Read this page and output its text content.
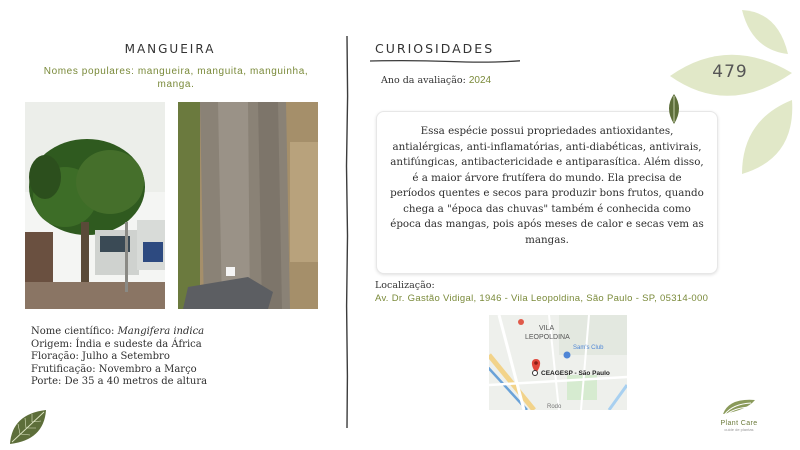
MANGUEIRA
Nomes populares: mangueira, manguita, manguinha, manga.
Nome científico: Mangifera indica
Origem: Índia e sudeste da África
Floração: Julho a Setembro
Frutificação: Novembro a Março
Porte: De 35 a 40 metros de altura
CURIOSIDADES
Ano da avaliação: 2024
Essa espécie possui propriedades antioxidantes, antialérgicas, anti-inflamatórias, anti-diabéticas, antivirais, antifúngicas, antibactericidade e antiparasítica. Além disso, é a maior árvore frutífera do mundo. Ela precisa de períodos quentes e secos para produzir bons frutos, quando chega a "época das chuvas" também é conhecida como época das mangas, pois após meses de calor e secas vem as mangas.
Localização:
Av. Dr. Gastão Vidigal, 1946 - Vila Leopoldina, São Paulo - SP, 05314-000
VILA
LEOPOLDINA
Sam's Club
CEAGESP - São Paulo
Rodo
479
Plant Care
cuide de plantas
